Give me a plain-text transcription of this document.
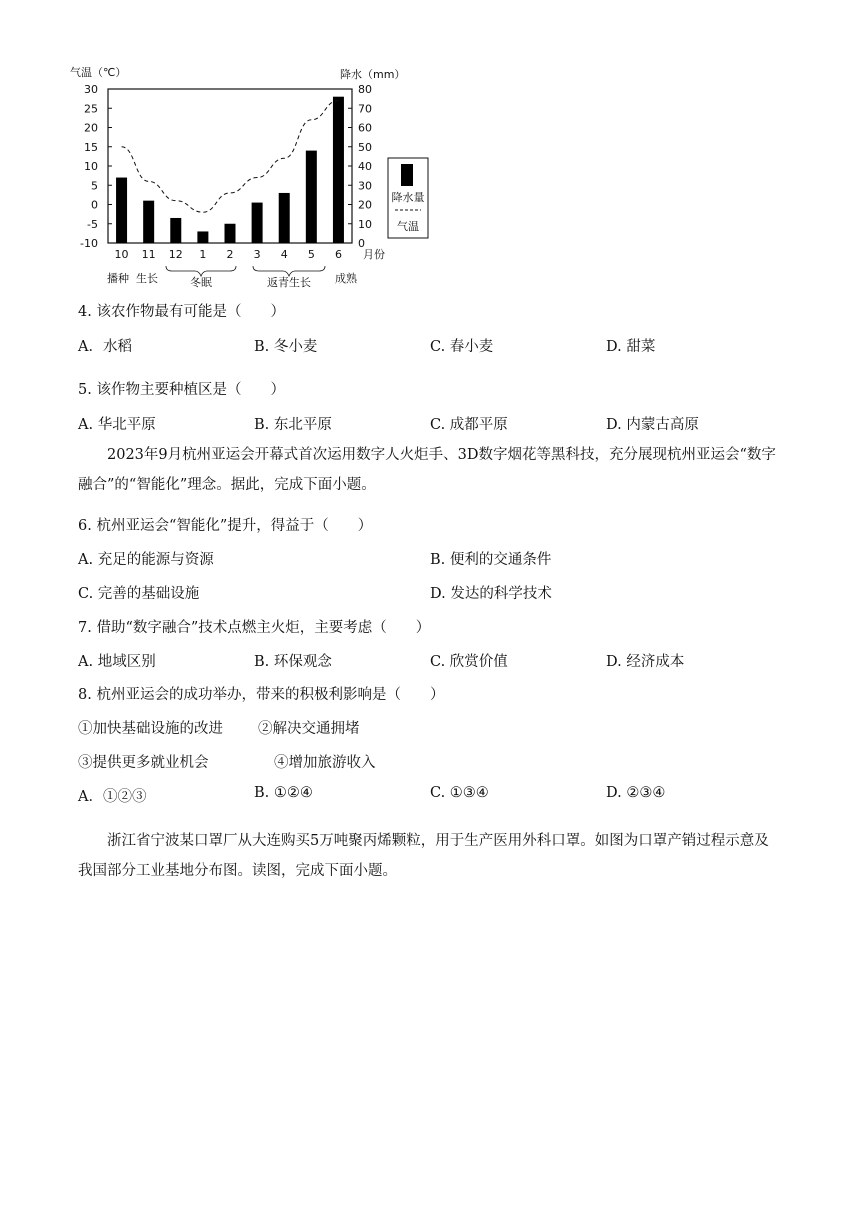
气温（℃）	降水（mm）
30
25
20
15
10
5
0
-5
-10
80
70
60
50
40
30
20
10
0
10 11 12 1 2 3 4 5 6 月份
降水量
气温
播种 生长	冬眠	返青生长 成熟
4. 该农作物最有可能是（　　）
A．水稻	B. 冬小麦	C. 春小麦	D. 甜菜
5. 该作物主要种植区是（　　）
A. 华北平原	B. 东北平原	C. 成都平原	D. 内蒙古高原
2023年9月杭州亚运会开幕式首次运用数字人火炬手、3D数字烟花等黑科技，充分展现杭州亚运会“数字融合”的“智能化”理念。据此，完成下面小题。
6. 杭州亚运会“智能化”提升，得益于（　　）
A. 充足的能源与资源	B. 便利的交通条件
C. 完善的基础设施	D. 发达的科学技术
7. 借助“数字融合”技术点燃主火炬，主要考虑（　　）
A. 地域区别	B. 环保观念	C. 欣赏价值	D. 经济成本
8. 杭州亚运会的成功举办，带来的积极利影响是（　　）
①加快基础设施的改进 ②解决交通拥堵
③提供更多就业机会	④增加旅游收入
A．①②③	B. ①②④	C. ①③④	D. ②③④
浙江省宁波某口罩厂从大连购买5万吨聚丙烯颗粒，用于生产医用外科口罩。如图为口罩产销过程示意及我国部分工业基地分布图。读图，完成下面小题。
